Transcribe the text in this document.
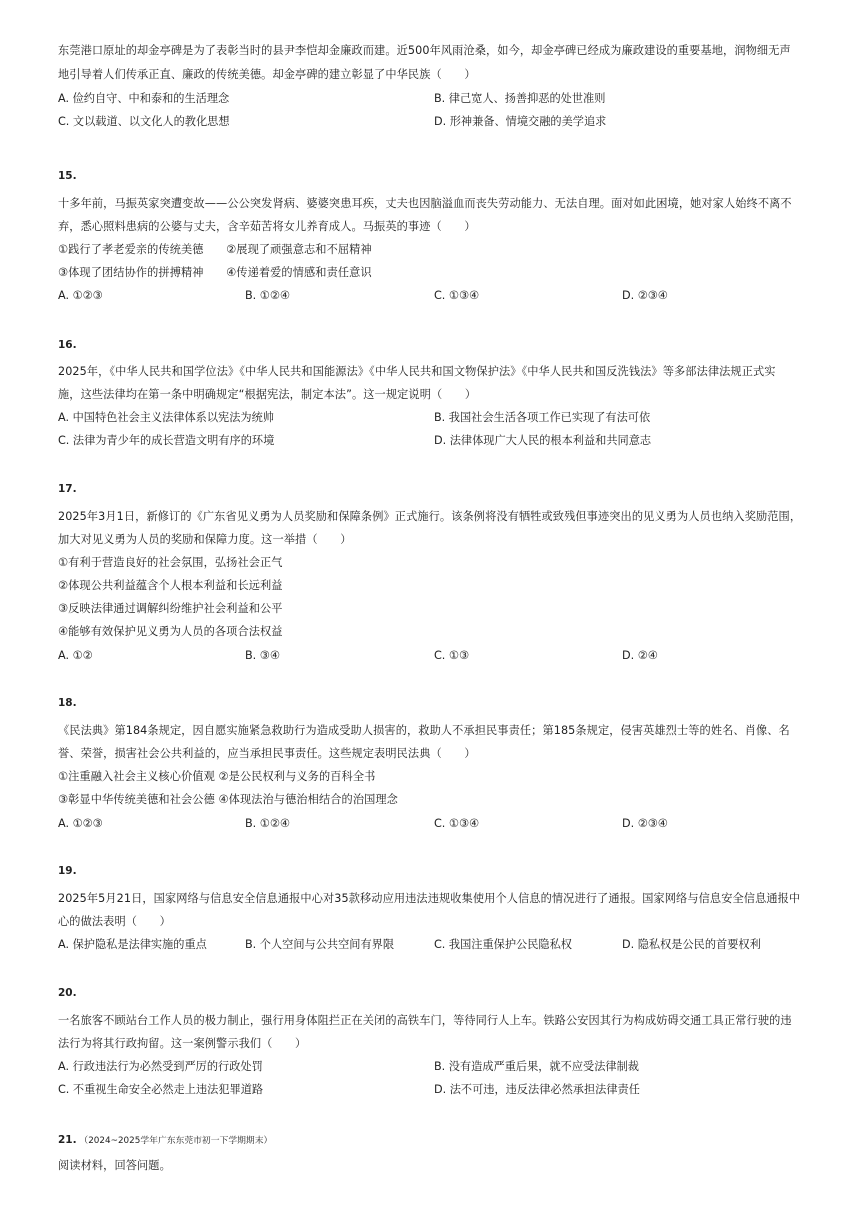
东莞港口原址的却金亭碑是为了表彰当时的县尹李恺却金廉政而建。近500年风雨沧桑，如今，却金亭碑已经成为廉政建设的重要基地，润物细无声
地引导着人们传承正直、廉政的传统美德。却金亭碑的建立彰显了中华民族（　　）
A. 俭约自守、中和泰和的生活理念	B. 律己宽人、扬善抑恶的处世准则
C. 文以载道、以文化人的教化思想	D. 形神兼备、情境交融的美学追求
15.
十多年前，马振英家突遭变故——公公突发肾病、婆婆突患耳疾，丈夫也因脑溢血而丧失劳动能力、无法自理。面对如此困境，她对家人始终不离不
弃，悉心照料患病的公婆与丈夫，含辛茹苦将女儿养育成人。马振英的事迹（　　）
①践行了孝老爱亲的传统美德　　②展现了顽强意志和不屈精神
③体现了团结协作的拼搏精神　　④传递着爱的情感和责任意识
A. ①②③	B. ①②④	C. ①③④	D. ②③④
16.
2025年，《中华人民共和国学位法》《中华人民共和国能源法》《中华人民共和国文物保护法》《中华人民共和国反洗钱法》等多部法律法规正式实
施，这些法律均在第一条中明确规定“根据宪法，制定本法”。这一规定说明（　　）
A. 中国特色社会主义法律体系以宪法为统帅	B. 我国社会生活各项工作已实现了有法可依
C. 法律为青少年的成长营造文明有序的环境	D. 法律体现广大人民的根本利益和共同意志
17.
2025年3月1日，新修订的《广东省见义勇为人员奖励和保障条例》正式施行。该条例将没有牺牲或致残但事迹突出的见义勇为人员也纳入奖励范围，
加大对见义勇为人员的奖励和保障力度。这一举措（　　）
①有利于营造良好的社会氛围，弘扬社会正气
②体现公共利益蕴含个人根本利益和长远利益
③反映法律通过调解纠纷维护社会利益和公平
④能够有效保护见义勇为人员的各项合法权益
A. ①②	B. ③④	C. ①③	D. ②④
18.
《民法典》第184条规定，因自愿实施紧急救助行为造成受助人损害的，救助人不承担民事责任；第185条规定，侵害英雄烈士等的姓名、肖像、名
誉、荣誉，损害社会公共利益的，应当承担民事责任。这些规定表明民法典（　　）
①注重融入社会主义核心价值观 ②是公民权利与义务的百科全书
③彰显中华传统美德和社会公德 ④体现法治与德治相结合的治国理念
A. ①②③	B. ①②④	C. ①③④	D. ②③④
19.
2025年5月21日，国家网络与信息安全信息通报中心对35款移动应用违法违规收集使用个人信息的情况进行了通报。国家网络与信息安全信息通报中
心的做法表明（　　）
A. 保护隐私是法律实施的重点	B. 个人空间与公共空间有界限	C. 我国注重保护公民隐私权	D. 隐私权是公民的首要权利
20.
一名旅客不顾站台工作人员的极力制止，强行用身体阻拦正在关闭的高铁车门，等待同行人上车。铁路公安因其行为构成妨碍交通工具正常行驶的违
法行为将其行政拘留。这一案例警示我们（　　）
A. 行政违法行为必然受到严厉的行政处罚	B. 没有造成严重后果，就不应受法律制裁
C. 不重视生命安全必然走上违法犯罪道路	D. 法不可违，违反法律必然承担法律责任
21. （2024~2025学年广东东莞市初一下学期期末）
阅读材料，回答问题。
